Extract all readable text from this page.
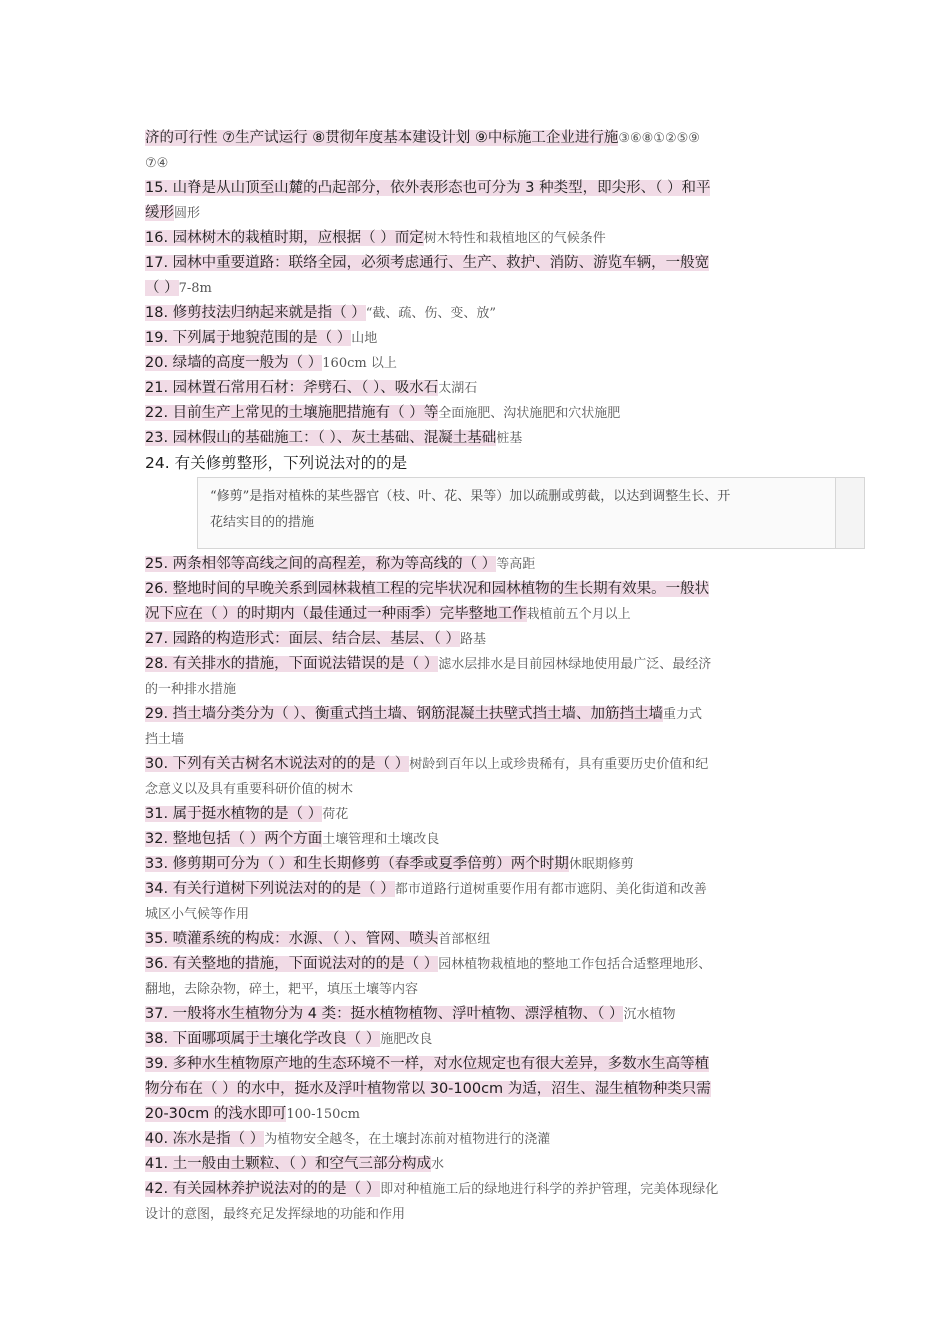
济的可行性 ⑦生产试运行 ⑧贯彻年度基本建设计划 ⑨中标施工企业进行施③⑥⑧①②⑤⑨
⑦④
15. 山脊是从山顶至山麓的凸起部分，依外表形态也可分为 3 种类型，即尖形、（ ）和平
缓形圆形
16. 园林树木的栽植时期，应根据（ ）而定树木特性和栽植地区的气候条件
17. 园林中重要道路：联络全园，必须考虑通行、生产、救护、消防、游览车辆，一般宽
（ ）7-8m
18. 修剪技法归纳起来就是指（ ）“截、疏、伤、变、放”
19. 下列属于地貌范围的是（ ）山地
20. 绿墙的高度一般为（ ）160cm 以上
21. 园林置石常用石材：斧劈石、（ ）、吸水石太湖石
22. 目前生产上常见的土壤施肥措施有（ ）等全面施肥、沟状施肥和穴状施肥
23. 园林假山的基础施工：（ ）、灰土基础、混凝土基础桩基
24. 有关修剪整形，下列说法对的的是
“修剪”是指对植株的某些器官（枝、叶、花、果等）加以疏删或剪截，以达到调整生长、开
花结实目的的措施
25. 两条相邻等高线之间的高程差，称为等高线的（ ）等高距
26. 整地时间的早晚关系到园林栽植工程的完毕状况和园林植物的生长期有效果。一般状
况下应在（ ）的时期内（最佳通过一种雨季）完毕整地工作栽植前五个月以上
27. 园路的构造形式：面层、结合层、基层、（ ）路基
28. 有关排水的措施，下面说法错误的是（ ）滤水层排水是目前园林绿地使用最广泛、最经济
的一种排水措施
29. 挡土墙分类分为（ ）、衡重式挡土墙、钢筋混凝土扶壁式挡土墙、加筋挡土墙重力式
挡土墙
30. 下列有关古树名木说法对的的是（ ）树龄到百年以上或珍贵稀有，具有重要历史价值和纪
念意义以及具有重要科研价值的树木
31. 属于挺水植物的是（ ）荷花
32. 整地包括（ ）两个方面土壤管理和土壤改良
33. 修剪期可分为（ ）和生长期修剪（春季或夏季倍剪）两个时期休眠期修剪
34. 有关行道树下列说法对的的是（ ）都市道路行道树重要作用有都市遮阴、美化街道和改善
城区小气候等作用
35. 喷灌系统的构成：水源、（ ）、管网、喷头首部枢纽
36. 有关整地的措施，下面说法对的的是（ ）园林植物栽植地的整地工作包括合适整理地形、
翻地，去除杂物，碎土，耙平，填压土壤等内容
37. 一般将水生植物分为 4 类：挺水植物植物、浮叶植物、漂浮植物、（ ）沉水植物
38. 下面哪项属于土壤化学改良（ ）施肥改良
39. 多种水生植物原产地的生态环境不一样，对水位规定也有很大差异，多数水生高等植
物分布在（ ）的水中，挺水及浮叶植物常以 30-100cm 为适，沼生、湿生植物种类只需
20-30cm 的浅水即可100-150cm
40. 冻水是指（ ）为植物安全越冬，在土壤封冻前对植物进行的浇灌
41. 土一般由土颗粒、（ ）和空气三部分构成水
42. 有关园林养护说法对的的是（ ）即对种植施工后的绿地进行科学的养护管理，完美体现绿化
设计的意图，最终充足发挥绿地的功能和作用
